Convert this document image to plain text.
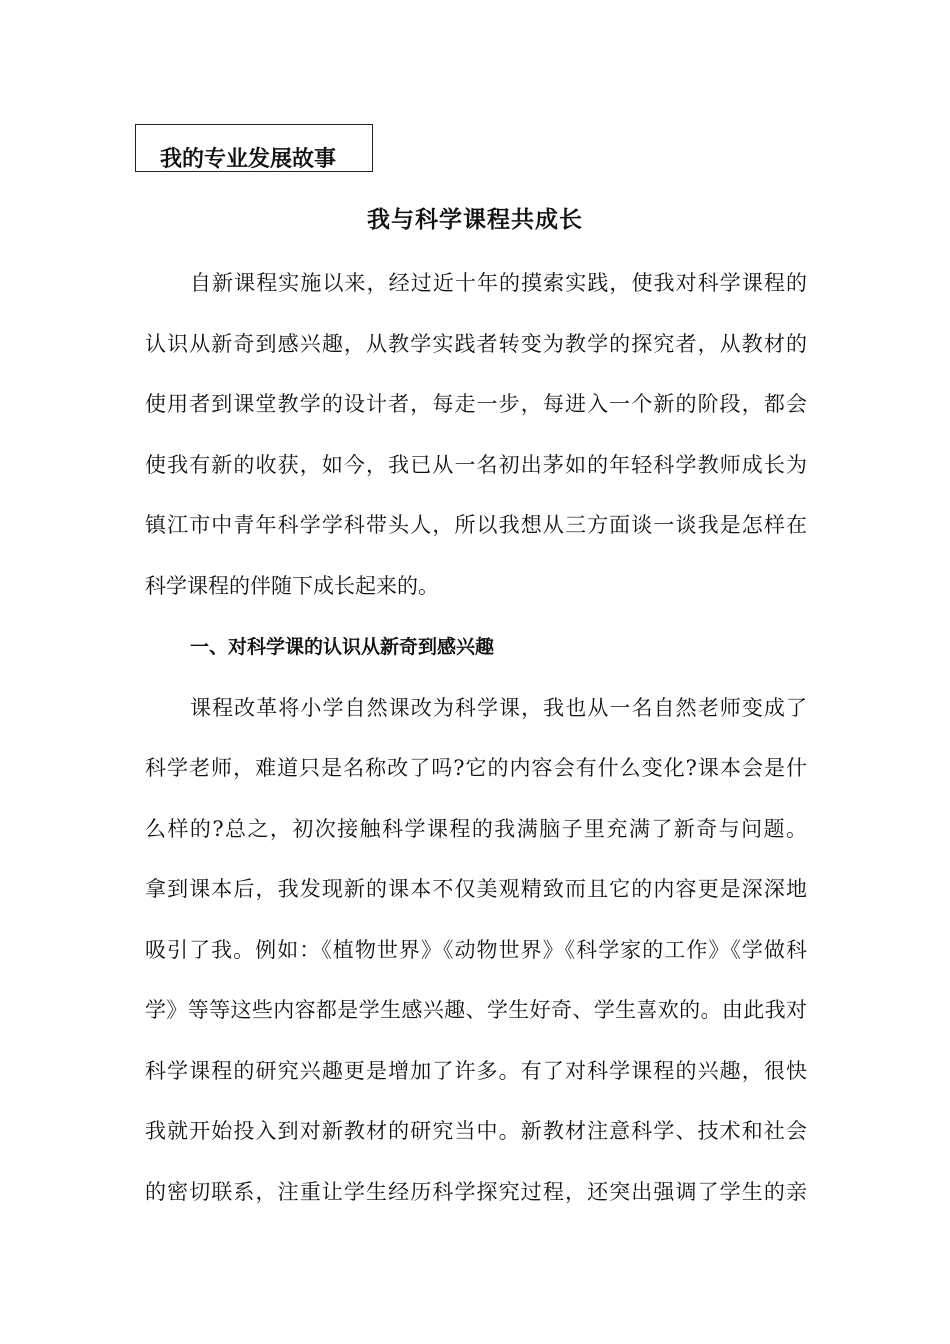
我的专业发展故事
我与科学课程共成长
自新课程实施以来，经过近十年的摸索实践，使我对科学课程的
认识从新奇到感兴趣，从教学实践者转变为教学的探究者，从教材的
使用者到课堂教学的设计者，每走一步，每进入一个新的阶段，都会
使我有新的收获，如今，我已从一名初出茅如的年轻科学教师成长为
镇江市中青年科学学科带头人，所以我想从三方面谈一谈我是怎样在
科学课程的伴随下成长起来的。
一、对科学课的认识从新奇到感兴趣
课程改革将小学自然课改为科学课，我也从一名自然老师变成了
科学老师，难道只是名称改了吗?它的内容会有什么变化?课本会是什
么样的?总之，初次接触科学课程的我满脑子里充满了新奇与问题。
拿到课本后，我发现新的课本不仅美观精致而且它的内容更是深深地
吸引了我。例如：《植物世界》《动物世界》《科学家的工作》《学做科
学》等等这些内容都是学生感兴趣、学生好奇、学生喜欢的。由此我对
科学课程的研究兴趣更是增加了许多。有了对科学课程的兴趣，很快
我就开始投入到对新教材的研究当中。新教材注意科学、技术和社会
的密切联系，注重让学生经历科学探究过程，还突出强调了学生的亲
